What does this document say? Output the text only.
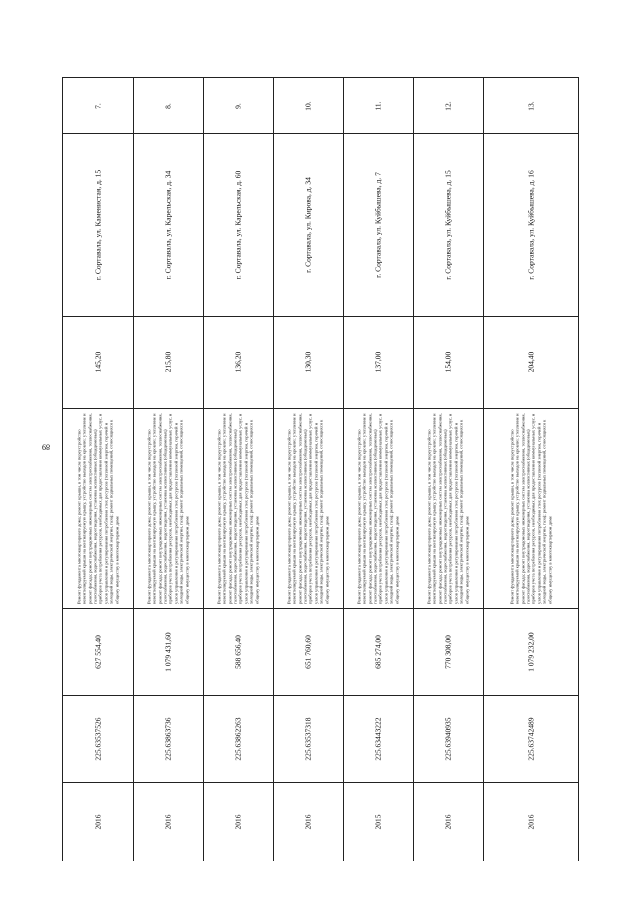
89
7.
г. Сортавала, ул. Каменистая, д. 15
145,20
Ремонт фундамента многоквартирного дома; ремонт крыши, в том числе переустройство невентилируемой крыши на вентилируемую крышу, устройство выходов на кровлю; утепление и ремонт фасада; ремонт внутридомовых инженерных систем электроснабжения, теплоснабжения, газоснабжения, водоснабжения, водоотведения, установка коллективных (общедомовых) приборов учета потребления ресурсов, необходимых для предоставления коммунальных услуг, и узлов управления и регулирования потребления этих ресурсов (тепловой энергии, горячей и холодной воды, электрической энергии, газа); ремонт подвальных помещений, относящихся к общему имуществу в многоквартирном доме
627 554,40
225.63537526
2016
8.
г. Сортавала, ул. Карельская, д. 34
215,80
Ремонт фундамента многоквартирного дома; ремонт крыши, в том числе переустройство невентилируемой крыши на вентилируемую крышу, устройство выходов на кровлю; утепление и ремонт фасада; ремонт внутридомовых инженерных систем электроснабжения, теплоснабжения, газоснабжения, водоснабжения, водоотведения, установка коллективных (общедомовых) приборов учета потребления ресурсов, необходимых для предоставления коммунальных услуг, и узлов управления и регулирования потребления этих ресурсов (тепловой энергии, горячей и холодной воды, электрической энергии, газа); ремонт подвальных помещений, относящихся к общему имуществу в многоквартирном доме
1 079 431,60
225.63863736
2016
9.
г. Сортавала, ул. Карельская, д. 60
136,20
Ремонт фундамента многоквартирного дома; ремонт крыши, в том числе переустройство невентилируемой крыши на вентилируемую крышу, устройство выходов на кровлю; утепление и ремонт фасада; ремонт внутридомовых инженерных систем электроснабжения, теплоснабжения, газоснабжения, водоснабжения, водоотведения, установка коллективных (общедомовых) приборов учета потребления ресурсов, необходимых для предоставления коммунальных услуг, и узлов управления и регулирования потребления этих ресурсов (тепловой энергии, горячей и холодной воды, электрической энергии, газа); ремонт подвальных помещений, относящихся к общему имуществу в многоквартирном доме
588 656,40
225.63862263
2016
10.
г. Сортавала, ул. Кирова, д. 34
130,30
Ремонт фундамента многоквартирного дома; ремонт крыши, в том числе переустройство невентилируемой крыши на вентилируемую крышу, устройство выходов на кровлю; утепление и ремонт фасада; ремонт внутридомовых инженерных систем электроснабжения, теплоснабжения, газоснабжения, водоснабжения, водоотведения, установка коллективных (общедомовых) приборов учета потребления ресурсов, необходимых для предоставления коммунальных услуг, и узлов управления и регулирования потребления этих ресурсов (тепловой энергии, горячей и холодной воды, электрической энергии, газа); ремонт подвальных помещений, относящихся к общему имуществу в многоквартирном доме
651 760,60
225.63537318
2016
11.
г. Сортавала, ул. Куйбышева, д. 7
137,00
Ремонт фундамента многоквартирного дома; ремонт крыши, в том числе переустройство невентилируемой крыши на вентилируемую крышу, устройство выходов на кровлю; утепление и ремонт фасада; ремонт внутридомовых инженерных систем электроснабжения, теплоснабжения, газоснабжения, водоснабжения, водоотведения, установка коллективных (общедомовых) приборов учета потребления ресурсов, необходимых для предоставления коммунальных услуг, и узлов управления и регулирования потребления этих ресурсов (тепловой энергии, горячей и холодной воды, электрической энергии, газа); ремонт подвальных помещений, относящихся к общему имуществу в многоквартирном доме
685 274,00
225.63443222
2015
12.
г. Сортавала, ул. Куйбышева, д. 15
154,00
Ремонт фундамента многоквартирного дома; ремонт крыши, в том числе переустройство невентилируемой крыши на вентилируемую крышу, устройство выходов на кровлю; утепление и ремонт фасада; ремонт внутридомовых инженерных систем электроснабжения, теплоснабжения, газоснабжения, водоснабжения, водоотведения, установка коллективных (общедомовых) приборов учета потребления ресурсов, необходимых для предоставления коммунальных услуг, и узлов управления и регулирования потребления этих ресурсов (тепловой энергии, горячей и холодной воды, электрической энергии, газа); ремонт подвальных помещений, относящихся к общему имуществу в многоквартирном доме
770 308,00
225.63940935
2016
13.
г. Сортавала, ул. Куйбышева, д. 16
204,40
Ремонт фундамента многоквартирного дома; ремонт крыши, в том числе переустройство невентилируемой крыши на вентилируемую крышу, устройство выходов на кровлю; утепление и ремонт фасада; ремонт внутридомовых инженерных систем электроснабжения, теплоснабжения, газоснабжения, водоснабжения, водоотведения, установка коллективных (общедомовых) приборов учета потребления ресурсов, необходимых для предоставления коммунальных услуг, и узлов управления и регулирования потребления этих ресурсов (тепловой энергии, горячей и холодной воды, электрической энергии, газа); ремонт подвальных помещений, относящихся к общему имуществу в многоквартирном доме
1 079 232,00
225.63742489
2016
